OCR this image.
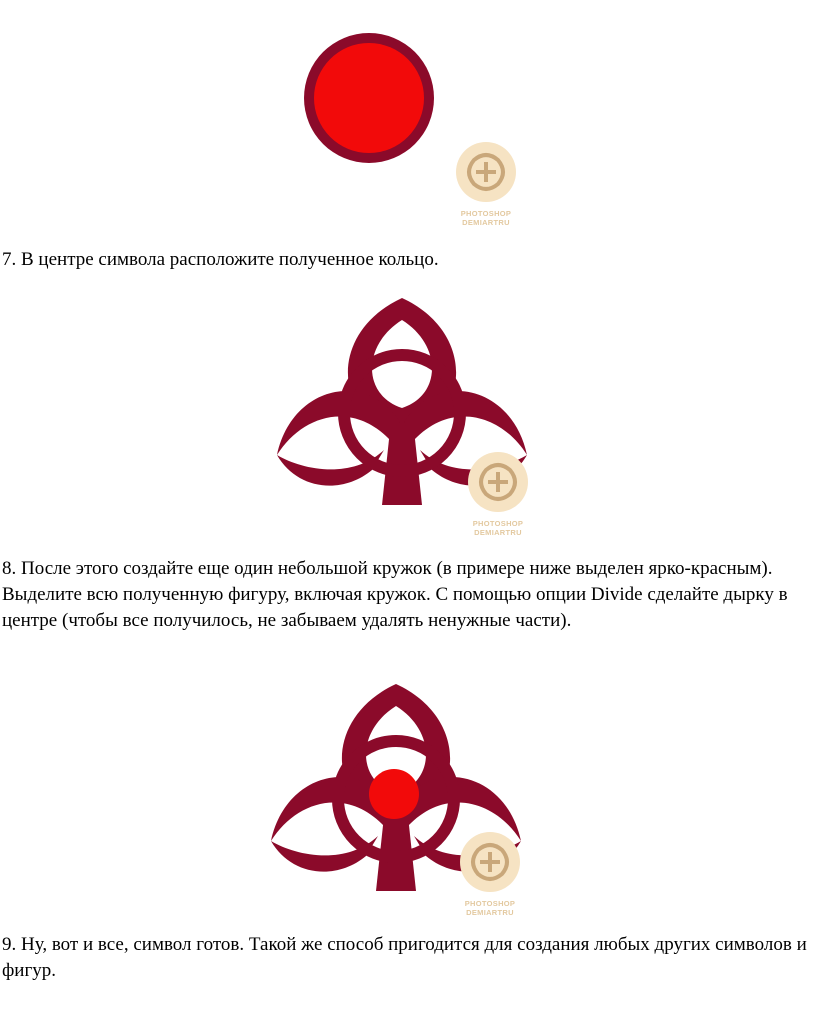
PHOTOSHOP
DEMIARTRU

7. В центре символа расположите полученное кольцо.

PHOTOSHOP
DEMIARTRU

8. После этого создайте еще один небольшой кружок (в примере ниже выделен ярко-красным). Выделите всю полученную фигуру, включая кружок. С помощью опции Divide сделайте дырку в центре (чтобы все получилось, не забываем удалять ненужные части).

PHOTOSHOP
DEMIARTRU

9. Ну, вот и все, символ готов. Такой же способ пригодится для создания любых других символов и фигур.
